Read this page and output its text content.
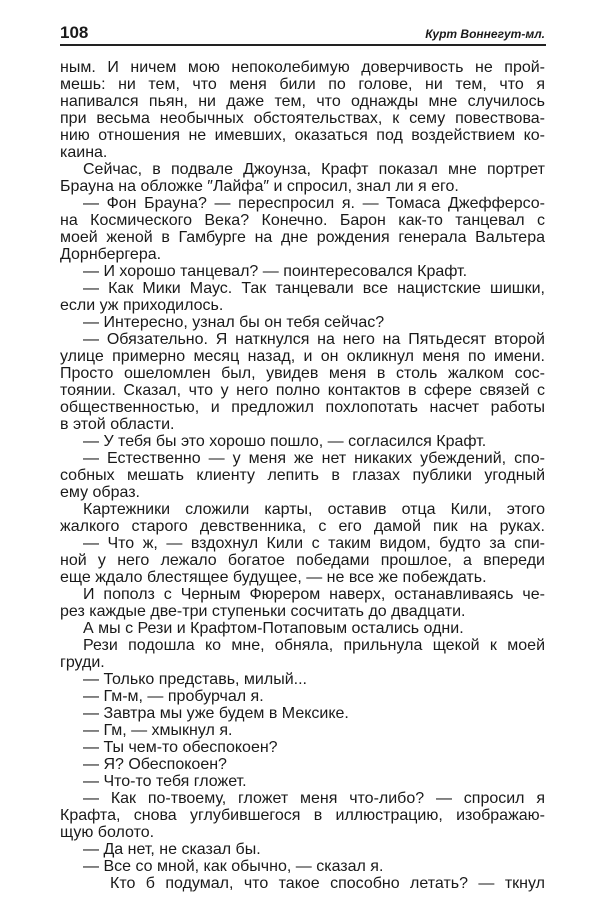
108	Курт Воннегут-мл.
ным. И ничем мою непоколебимую доверчивость не прой-
мешь: ни тем, что меня били по голове, ни тем, что я
напивался пьян, ни даже тем, что однажды мне случилось
при весьма необычных обстоятельствах, к сему повествова-
нию отношения не имевших, оказаться под воздействием ко-
каина.
Сейчас, в подвале Джоунза, Крафт показал мне портрет
Брауна на обложке ″Лайфа″ и спросил, знал ли я его.
— Фон Брауна? — переспросил я. — Томаса Джефферсо-
на Космического Века? Конечно. Барон как-то танцевал с
моей женой в Гамбурге на дне рождения генерала Вальтера
Дорнбергера.
— И хорошо танцевал? — поинтересовался Крафт.
— Как Мики Маус. Так танцевали все нацистские шишки,
если уж приходилось.
— Интересно, узнал бы он тебя сейчас?
— Обязательно. Я наткнулся на него на Пятьдесят второй
улице примерно месяц назад, и он окликнул меня по имени.
Просто ошеломлен был, увидев меня в столь жалком сос-
тоянии. Сказал, что у него полно контактов в сфере связей с
общественностью, и предложил похлопотать насчет работы
в этой области.
— У тебя бы это хорошо пошло, — согласился Крафт.
— Естественно — у меня же нет никаких убеждений, спо-
собных мешать клиенту лепить в глазах публики угодный
ему образ.
Картежники сложили карты, оставив отца Кили, этого
жалкого старого девственника, с его дамой пик на руках.
— Что ж, — вздохнул Кили с таким видом, будто за спи-
ной у него лежало богатое победами прошлое, а впереди
еще ждало блестящее будущее, — не все же побеждать.
И пополз с Черным Фюрером наверх, останавливаясь че-
рез каждые две-три ступеньки сосчитать до двадцати.
А мы с Рези и Крафтом-Потаповым остались одни.
Рези подошла ко мне, обняла, прильнула щекой к моей
груди.
— Только представь, милый...
— Гм-м, — пробурчал я.
— Завтра мы уже будем в Мексике.
— Гм, — хмыкнул я.
— Ты чем-то обеспокоен?
— Я? Обеспокоен?
— Что-то тебя гложет.
— Как по-твоему, гложет меня что-либо? — спросил я
Крафта, снова углубившегося в иллюстрацию, изображаю-
щую болото.
— Да нет, не сказал бы.
— Все со мной, как обычно, — сказал я.
Кто б подумал, что такое способно летать? — ткнул
